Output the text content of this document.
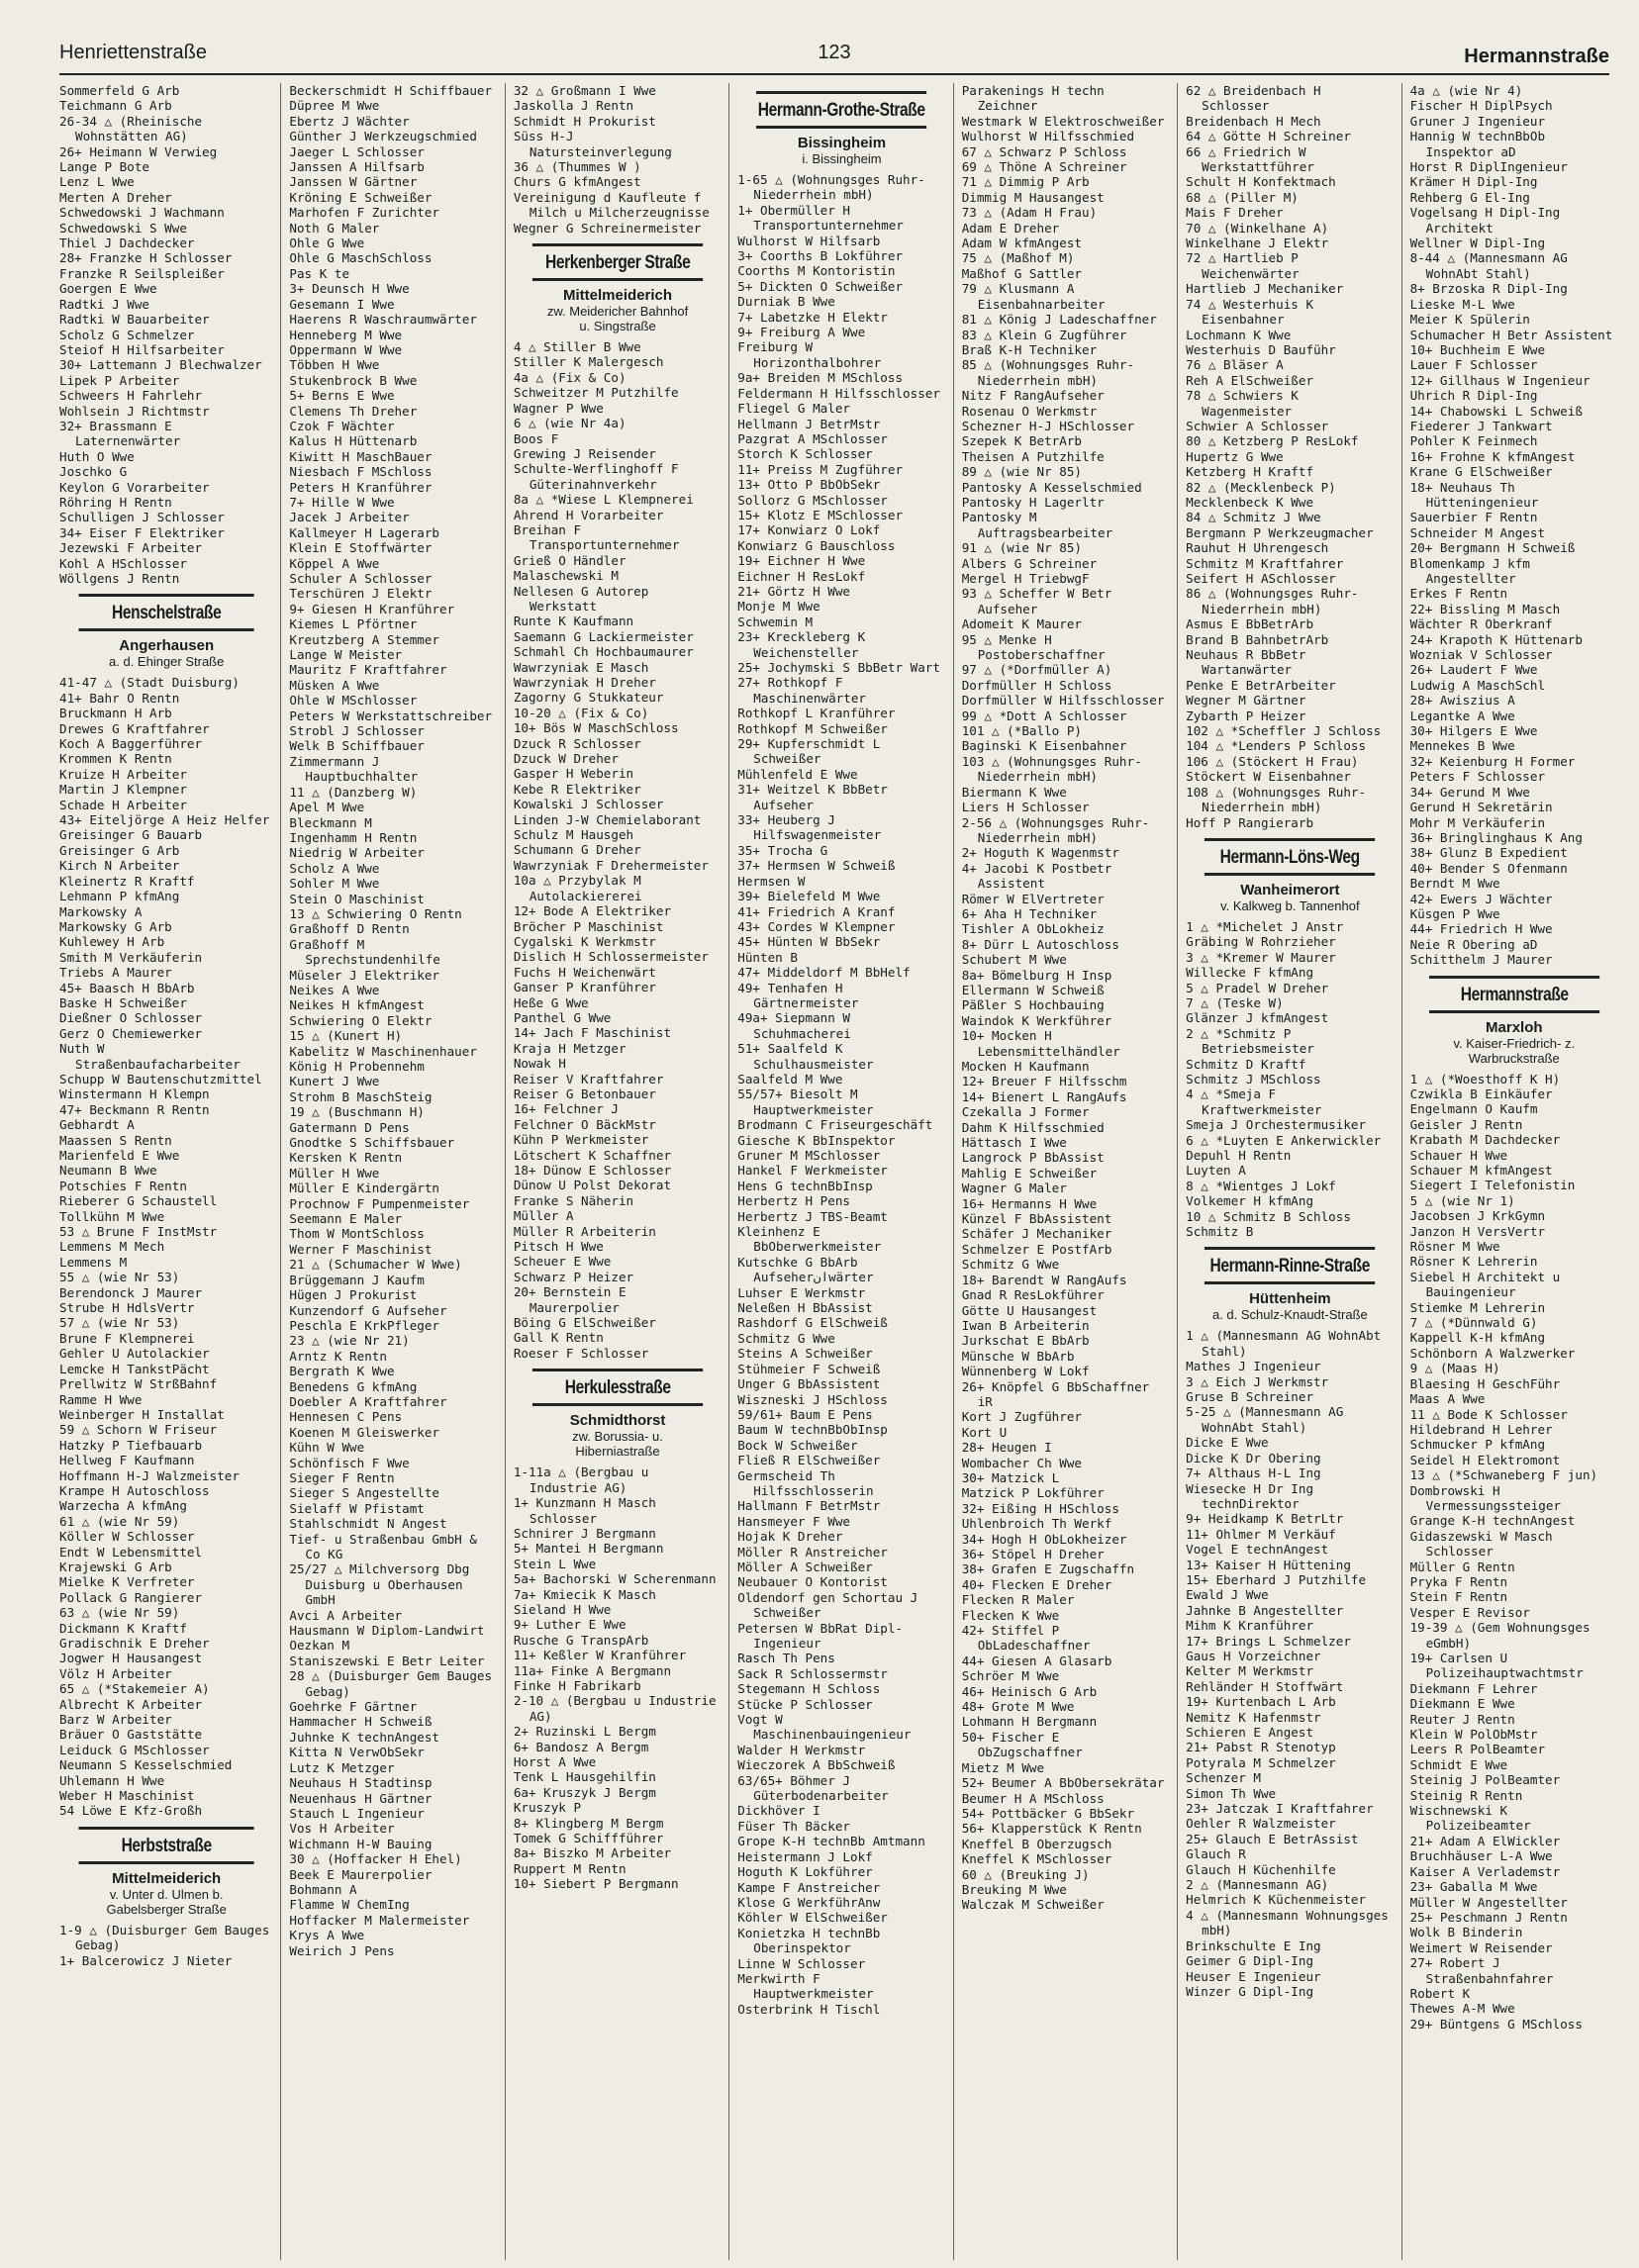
Henriettenstraße	123	Hermannstraße
Sommerfeld G Arb
Teichmann G Arb
26-34 △ (Rheinische Wohnstätten AG)
26+ Heimann W Verwieg
Lange P Bote
Lenz L Wwe
Merten A Dreher
Schwedowski J Wachmann
Schwedowski S Wwe
Thiel J Dachdecker
28+ Franzke H Schlosser
Franzke R Seilspleißer
Goergen E Wwe
Radtki J Wwe
Radtki W Bauarbeiter
Scholz G Schmelzer
Steiof H Hilfsarbeiter
30+ Lattemann J Blechwalzer
Lipek P Arbeiter
Schweers H Fahrlehr
Wohlsein J Richtmstr
32+ Brassmann E Laternenwärter
Huth O Wwe
Joschko G
Keylon G Vorarbeiter
Röhring H Rentn
Schulligen J Schlosser
34+ Eiser F Elektriker
Jezewski F Arbeiter
Kohl A HSchlosser
Wöllgens J Rentn
Henschelstraße
Angerhausen
a. d. Ehinger Straße
41-47 △ (Stadt Duisburg)
41+ Bahr O Rentn
Bruckmann H Arb
Drewes G Kraftfahrer
Koch A Baggerführer
Krommen K Rentn
Kruize H Arbeiter
Martin J Klempner
Schade H Arbeiter
43+ Eiteljörge A Heiz Helfer
Greisinger G Bauarb
Greisinger G Arb
Kirch N Arbeiter
Kleinertz R Kraftf
Lehmann P kfmAng
Markowsky A
Markowsky G Arb
Kuhlewey H Arb
Smith M Verkäuferin
Triebs A Maurer
45+ Baasch H BbArb
Baske H Schweißer
Dießner O Schlosser
Gerz O Chemiewerker
Nuth W Straßenbaufacharbeiter
Schupp W Bautenschutzmittel
Winstermann H Klempn
47+ Beckmann R Rentn
Gebhardt A
Maassen S Rentn
Marienfeld E Wwe
Neumann B Wwe
Potschies F Rentn
Rieberer G Schaustell
Tollkühn M Wwe
53 △ Brune F InstMstr
Lemmens M Mech
Lemmens M
55 △ (wie Nr 53)
Berendonck J Maurer
Strube H HdlsVertr
57 △ (wie Nr 53)
Brune F Klempnerei
Gehler U Autolackier
Lemcke H TankstPächt
Prellwitz W StrßBahnf
Ramme H Wwe
Weinberger H Installat
59 △ Schorn W Friseur
Hatzky P Tiefbauarb
Hellweg F Kaufmann
Hoffmann H-J Walzmeister
Krampe H Autoschloss
Warzecha A kfmAng
61 △ (wie Nr 59)
Köller W Schlosser
Endt W Lebensmittel
Krajewski G Arb
Mielke K Verfreter
Pollack G Rangierer
63 △ (wie Nr 59)
Dickmann K Kraftf
Gradischnik E Dreher
Jogwer H Hausangest
Völz H Arbeiter
65 △ (*Stakemeier A)
Albrecht K Arbeiter
Barz W Arbeiter
Bräuer O Gaststätte
Leiduck G MSchlosser
Neumann S Kesselschmied
Uhlemann H Wwe
Weber H Maschinist
54 Löwe E Kfz-Großh
Herbststraße
Mittelmeiderich
v. Unter d. Ulmen b.
Gabelsberger Straße
1-9 △ (Duisburger Gem Bauges Gebag)
1+ Balcerowicz J Nieter
Beckerschmidt H Schiffbauer
Düpree M Wwe
Ebertz J Wächter
Günther J Werkzeugschmied
Jaeger L Schlosser
Janssen A Hilfsarb
Janssen W Gärtner
Kröning E Schweißer
Marhofen F Zurichter
Noth G Maler
Ohle G Wwe
Ohle G MaschSchloss
Pas K te
3+ Deunsch H Wwe
Gesemann I Wwe
Haerens R Waschraumwärter
Henneberg M Wwe
Oppermann W Wwe
Többen H Wwe
Stukenbrock B Wwe
5+ Berns E Wwe
Clemens Th Dreher
Czok F Wächter
Kalus H Hüttenarb
Kiwitt H MaschBauer
Niesbach F MSchloss
Peters H Kranführer
7+ Hille W Wwe
Jacek J Arbeiter
Kallmeyer H Lagerarb
Klein E Stoffwärter
Köppel A Wwe
Schuler A Schlosser
Terschüren J Elektr
9+ Giesen H Kranführer
Kiemes L Pförtner
Kreutzberg A Stemmer
Lange W Meister
Mauritz F Kraftfahrer
Müsken A Wwe
Ohle W MSchlosser
Peters W Werkstattschreiber
Strobl J Schlosser
Welk B Schiffbauer
Zimmermann J Hauptbuchhalter
11 △ (Danzberg W)
Apel M Wwe
Bleckmann M
Ingenhamm H Rentn
Niedrig W Arbeiter
Scholz A Wwe
Sohler M Wwe
Stein O Maschinist
13 △ Schwiering O Rentn
Graßhoff D Rentn
Graßhoff M Sprechstundenhilfe
Müseler J Elektriker
Neikes A Wwe
Neikes H kfmAngest
Schwiering O Elektr
15 △ (Kunert H)
Kabelitz W Maschinenhauer
König H Probennehm
Kunert J Wwe
Strohm B MaschSteig
19 △ (Buschmann H)
Gatermann D Pens
Gnodtke S Schiffsbauer
Kersken K Rentn
Müller H Wwe
Müller E Kindergärtn
Prochnow F Pumpenmeister
Seemann E Maler
Thom W MontSchloss
Werner F Maschinist
21 △ (Schumacher W Wwe)
Brüggemann J Kaufm
Hügen J Prokurist
Kunzendorf G Aufseher
Peschla E KrkPfleger
23 △ (wie Nr 21)
Arntz K Rentn
Bergrath K Wwe
Benedens G kfmAng
Doebler A Kraftfahrer
Hennesen C Pens
Koenen M Gleiswerker
Kühn W Wwe
Schönfisch F Wwe
Sieger F Rentn
Sieger S Angestellte
Sielaff W Pfistamt
Stahlschmidt N Angest
Tief- u Straßenbau GmbH & Co KG
25/27 △ Milchversorg Dbg Duisburg u Oberhausen GmbH
Avci A Arbeiter
Hausmann W Diplom-Landwirt
Oezkan M
Staniszewski E Betr Leiter
28 △ (Duisburger Gem Bauges Gebag)
Goehrke F Gärtner
Hammacher H Schweiß
Juhnke K technAngest
Kitta N VerwObSekr
Lutz K Metzger
Neuhaus H Stadtinsp
Neuenhaus H Gärtner
Stauch L Ingenieur
Vos H Arbeiter
Wichmann H-W Bauing
30 △ (Hoffacker H Ehel)
Beek E Maurerpolier
Bohmann A
Flamme W ChemIng
Hoffacker M Malermeister
Krys A Wwe
Weirich J Pens
32 △ Großmann I Wwe
Jaskolla J Rentn
Schmidt H Prokurist
Süss H-J Natursteinverlegung
36 △ (Thummes W )
Churs G kfmAngest
Vereinigung d Kaufleute f Milch u Milcherzeugnisse
Wegner G Schreinermeister
Herkenberger Straße
Mittelmeiderich
zw. Meidericher Bahnhof
u. Singstraße
4 △ Stiller B Wwe
Stiller K Malergesch
4a △ (Fix & Co)
Schweitzer M Putzhilfe
Wagner P Wwe
6 △ (wie Nr 4a)
Boos F
Grewing J Reisender
Schulte-Werflinghoff F Güterinahnverkehr
8a △ *Wiese L Klempnerei
Ahrend H Vorarbeiter
Breihan F Transportunternehmer
Grieß O Händler
Malaschewski M
Nellesen G Autorep Werkstatt
Runte K Kaufmann
Saemann G Lackiermeister
Schmahl Ch Hochbaumaurer
Wawrzyniak E Masch
Wawrzyniak H Dreher
Zagorny G Stukkateur
10-20 △ (Fix & Co)
10+ Bös W MaschSchloss
Dzuck R Schlosser
Dzuck W Dreher
Gasper H Weberin
Kebe R Elektriker
Kowalski J Schlosser
Linden J-W Chemielaborant
Schulz M Hausgeh
Schumann G Dreher
Wawrzyniak F Drehermeister
10a △ Przybylak M Autolackiererei
12+ Bode A Elektriker
Bröcher P Maschinist
Cygalski K Werkmstr
Dislich H Schlossermeister
Fuchs H Weichenwärt
Ganser P Kranführer
Heße G Wwe
Panthel G Wwe
14+ Jach F Maschinist
Kraja H Metzger
Nowak H
Reiser V Kraftfahrer
Reiser G Betonbauer
16+ Felchner J
Felchner O BäckMstr
Kühn P Werkmeister
Lötschert K Schaffner
18+ Dünow E Schlosser
Dünow U Polst Dekorat
Franke S Näherin
Müller A
Müller R Arbeiterin
Pitsch H Wwe
Scheuer E Wwe
Schwarz P Heizer
20+ Bernstein E Maurerpolier
Böing G ElSchweißer
Gall K Rentn
Roeser F Schlosser
Herkulesstraße
Schmidthorst
zw. Borussia- u.
Hiberniastraße
1-11a △ (Bergbau u Industrie AG)
1+ Kunzmann H Masch Schlosser
Schnirer J Bergmann
5+ Mantei H Bergmann
Stein L Wwe
5a+ Bachorski W Scherenmann
7a+ Kmiecik K Masch
Sieland H Wwe
9+ Luther E Wwe
Rusche G TranspArb
11+ Keßler W Kranführer
11a+ Finke A Bergmann
Finke H Fabrikarb
2-10 △ (Bergbau u Industrie AG)
2+ Ruzinski L Bergm
6+ Bandosz A Bergm
Horst A Wwe
Tenk L Hausgehilfin
6a+ Kruszyk J Bergm
Kruszyk P
8+ Klingberg M Bergm
Tomek G Schiffführer
8a+ Biszko M Arbeiter
Ruppert M Rentn
10+ Siebert P Bergmann
Hermann-Grothe-Straße
Bissingheim
i. Bissingheim
1-65 △ (Wohnungsges Ruhr-Niederrhein mbH)
1+ Obermüller H Transportunternehmer
Wulhorst W Hilfsarb
3+ Coorths B Lokführer
Coorths M Kontoristin
5+ Dickten O Schweißer
Durniak B Wwe
7+ Labetzke H Elektr
9+ Freiburg A Wwe
Freiburg W Horizonthalbohrer
9a+ Breiden M MSchloss
Feldermann H Hilfsschlosser
Fliegel G Maler
Hellmann J BetrMstr
Pazgrat A MSchlosser
Storch K Schlosser
11+ Preiss M Zugführer
13+ Otto P BbObSekr
Sollorz G MSchlosser
15+ Klotz E MSchlosser
17+ Konwiarz O Lokf
Konwiarz G Bauschloss
19+ Eichner H Wwe
Eichner H ResLokf
21+ Görtz H Wwe
Monje M Wwe
Schwemin M
23+ Kreckleberg K Weichensteller
25+ Jochymski S BbBetr Wart
27+ Rothkopf F Maschinenwärter
Rothkopf L Kranführer
Rothkopf M Schweißer
29+ Kupferschmidt L Schweißer
Mühlenfeld E Wwe
31+ Weitzel K BbBetr Aufseher
33+ Heuberg J Hilfswagenmeister
35+ Trocha G
37+ Hermsen W Schweiß
Hermsen W
39+ Bielefeld M Wwe
41+ Friedrich A Kranf
43+ Cordes W Klempner
45+ Hünten W BbSekr
Hünten B
47+ Middeldorf M BbHelf
49+ Tenhafen H Gärtnermeister
49a+ Siepmann W Schuhmacherei
51+ Saalfeld K Schulhausmeister
Saalfeld M Wwe
55/57+ Biesolt M Hauptwerkmeister
Brodmann C Friseurgeschäft
Giesche K BbInspektor
Gruner M MSchlosser
Hankel F Werkmeister
Hens G technBbInsp
Herbertz H Pens
Herbertz J TBS-Beamt
Kleinhenz E BbOberwerkmeister
Kutschke G BbArb Aufseherانwärter
Luhser E Werkmstr
Neleßen H BbAssist
Rashdorf G ElSchweiß
Schmitz G Wwe
Steins A Schweißer
Stühmeier F Schweiß
Unger G BbAssistent
Wiszneski J HSchloss
59/61+ Baum E Pens
Baum W technBbObInsp
Bock W Schweißer
Fließ R ElSchweißer
Germscheid Th Hilfsschlosserin
Hallmann F BetrMstr
Hansmeyer F Wwe
Hojak K Dreher
Möller R Anstreicher
Möller A Schweißer
Neubauer O Kontorist
Oldendorf gen Schortau J Schweißer
Petersen W BbRat Dipl-Ingenieur
Rasch Th Pens
Sack R Schlossermstr
Stegemann H Schloss
Stücke P Schlosser
Vogt W Maschinenbauingenieur
Walder H Werkmstr
Wieczorek A BbSchweiß
63/65+ Böhmer J Güterbodenarbeiter
Dickhöver I
Füser Th Bäcker
Grope K-H technBb Amtmann
Heistermann J Lokf
Hoguth K Lokführer
Kampe F Anstreicher
Klose G WerkführAnw
Köhler W ElSchweißer
Konietzka H technBb Oberinspektor
Linne W Schlosser
Merkwirth F Hauptwerkmeister
Osterbrink H Tischl
Parakenings H techn Zeichner
Westmark W Elektroschweißer
Wulhorst W Hilfsschmied
67 △ Schwarz P Schloss
69 △ Thöne A Schreiner
71 △ Dimmig P Arb
Dimmig M Hausangest
73 △ (Adam H Frau)
Adam E Dreher
Adam W kfmAngest
75 △ (Maßhof M)
Maßhof G Sattler
79 △ Klusmann A Eisenbahnarbeiter
81 △ König J Ladeschaffner
83 △ Klein G Zugführer
Braß K-H Techniker
85 △ (Wohnungsges Ruhr-Niederrhein mbH)
Nitz F RangAufseher
Rosenau O Werkmstr
Schezner H-J HSchlosser
Szepek K BetrArb
Theisen A Putzhilfe
89 △ (wie Nr 85)
Pantosky A Kesselschmied
Pantosky H Lagerltr
Pantosky M Auftragsbearbeiter
91 △ (wie Nr 85)
Albers G Schreiner
Mergel H TriebwgF
93 △ Scheffer W Betr Aufseher
Adomeit K Maurer
95 △ Menke H Postoberschaffner
97 △ (*Dorfmüller A)
Dorfmüller H Schloss
Dorfmüller W Hilfsschlosser
99 △ *Dott A Schlosser
101 △ (*Ballo P)
Baginski K Eisenbahner
103 △ (Wohnungsges Ruhr-Niederrhein mbH)
Biermann K Wwe
Liers H Schlosser
2-56 △ (Wohnungsges Ruhr-Niederrhein mbH)
2+ Hoguth K Wagenmstr
4+ Jacobi K Postbetr Assistent
Römer W ElVertreter
6+ Aha H Techniker
Tishler A ObLokheiz
8+ Dürr L Autoschloss
Schubert M Wwe
8a+ Bömelburg H Insp
Ellermann W Schweiß
Päßler S Hochbauing
Waindok K Werkführer
10+ Mocken H Lebensmittelhändler
Mocken H Kaufmann
12+ Breuer F Hilfsschm
14+ Bienert L RangAufs
Czekalla J Former
Dahm K Hilfsschmied
Hättasch I Wwe
Langrock P BbAssist
Mahlig E Schweißer
Wagner G Maler
16+ Hermanns H Wwe
Künzel F BbAssistent
Schäfer J Mechaniker
Schmelzer E PostfArb
Schmitz G Wwe
18+ Barendt W RangAufs
Gnad R ResLokführer
Götte U Hausangest
Iwan B Arbeiterin
Jurkschat E BbArb
Münsche W BbArb
Wünnenberg W Lokf
26+ Knöpfel G BbSchaffner iR
Kort J Zugführer
Kort U
28+ Heugen I
Wombacher Ch Wwe
30+ Matzick L
Matzick P Lokführer
32+ Eißing H HSchloss
Uhlenbroich Th Werkf
34+ Hogh H ObLokheizer
36+ Stöpel H Dreher
38+ Grafen E Zugschaffn
40+ Flecken E Dreher
Flecken R Maler
Flecken K Wwe
42+ Stiffel P ObLadeschaffner
44+ Giesen A Glasarb
Schröer M Wwe
46+ Heinisch G Arb
48+ Grote M Wwe
Lohmann H Bergmann
50+ Fischer E ObZugschaffner
Mietz M Wwe
52+ Beumer A BbObersekrätar
Beumer H A MSchloss
54+ Pottbäcker G BbSekr
56+ Klapperstück K Rentn
Kneffel B Oberzugsch
Kneffel K MSchlosser
60 △ (Breuking J)
Breuking M Wwe
Walczak M Schweißer
62 △ Breidenbach H Schlosser
Breidenbach H Mech
64 △ Götte H Schreiner
66 △ Friedrich W Werkstattführer
Schult H Konfektmach
68 △ (Piller M)
Mais F Dreher
70 △ (Winkelhane A)
Winkelhane J Elektr
72 △ Hartlieb P Weichenwärter
Hartlieb J Mechaniker
74 △ Westerhuis K Eisenbahner
Lochmann K Wwe
Westerhuis D Bauführ
76 △ Bläser A
Reh A ElSchweißer
78 △ Schwiers K Wagenmeister
Schwier A Schlosser
80 △ Ketzberg P ResLokf
Hupertz G Wwe
Ketzberg H Kraftf
82 △ (Mecklenbeck P)
Mecklenbeck K Wwe
84 △ Schmitz J Wwe
Bergmann P Werkzeugmacher
Rauhut H Uhrengesch
Schmitz M Kraftfahrer
Seifert H ASchlosser
86 △ (Wohnungsges Ruhr-Niederrhein mbH)
Asmus E BbBetrArb
Brand B BahnbetrArb
Neuhaus R BbBetr Wartanwärter
Penke E BetrArbeiter
Wegner M Gärtner
Zybarth P Heizer
102 △ *Scheffler J Schloss
104 △ *Lenders P Schloss
106 △ (Stöckert H Frau)
Stöckert W Eisenbahner
108 △ (Wohnungsges Ruhr-Niederrhein mbH)
Hoff P Rangierarb
Hermann-Löns-Weg
Wanheimerort
v. Kalkweg b. Tannenhof
1 △ *Michelet J Anstr
Gräbing W Rohrzieher
3 △ *Kremer W Maurer
Willecke F kfmAng
5 △ Pradel W Dreher
7 △ (Teske W)
Glänzer J kfmAngest
2 △ *Schmitz P Betriebsmeister
Schmitz D Kraftf
Schmitz J MSchloss
4 △ *Smeja F Kraftwerkmeister
Smeja J Orchestermusiker
6 △ *Luyten E Ankerwickler
Depuhl H Rentn
Luyten A
8 △ *Wientges J Lokf
Volkemer H kfmAng
10 △ Schmitz B Schloss
Schmitz B
Hermann-Rinne-Straße
Hüttenheim
a. d. Schulz-Knaudt-Straße
1 △ (Mannesmann AG WohnAbt Stahl)
Mathes J Ingenieur
3 △ Eich J Werkmstr
Gruse B Schreiner
5-25 △ (Mannesmann AG WohnAbt Stahl)
Dicke E Wwe
Dicke K Dr Obering
7+ Althaus H-L Ing
Wiesecke H Dr Ing technDirektor
9+ Heidkamp K BetrLtr
11+ Ohlmer M Verkäuf
Vogel E technAngest
13+ Kaiser H Hüttening
15+ Eberhard J Putzhilfe
Ewald J Wwe
Jahnke B Angestellter
Mihm K Kranführer
17+ Brings L Schmelzer
Gaus H Vorzeichner
Kelter M Werkmstr
Rehländer H Stoffwärt
19+ Kurtenbach L Arb
Nemitz K Hafenmstr
Schieren E Angest
21+ Pabst R Stenotyp
Potyrala M Schmelzer
Schenzer M
Simon Th Wwe
23+ Jatczak I Kraftfahrer
Oehler R Walzmeister
25+ Glauch E BetrAssist
Glauch R
Glauch H Küchenhilfe
2 △ (Mannesmann AG)
Helmrich K Küchenmeister
4 △ (Mannesmann Wohnungsges mbH)
Brinkschulte E Ing
Geimer G Dipl-Ing
Heuser E Ingenieur
Winzer G Dipl-Ing
4a △ (wie Nr 4)
Fischer H DiplPsych
Gruner J Ingenieur
Hannig W technBbOb Inspektor aD
Horst R DiplIngenieur
Krämer H Dipl-Ing
Rehberg G El-Ing
Vogelsang H Dipl-Ing Architekt
Wellner W Dipl-Ing
8-44 △ (Mannesmann AG WohnAbt Stahl)
8+ Brzoska R Dipl-Ing
Lieske M-L Wwe
Meier K Spülerin
Schumacher H Betr Assistent
10+ Buchheim E Wwe
Lauer F Schlosser
12+ Gillhaus W Ingenieur
Uhrich R Dipl-Ing
14+ Chabowski L Schweiß
Fiederer J Tankwart
Pohler K Feinmech
16+ Frohne K kfmAngest
Krane G ElSchweißer
18+ Neuhaus Th Hütteningenieur
Sauerbier F Rentn
Schneider M Angest
20+ Bergmann H Schweiß
Blomenkamp J kfm Angestellter
Erkes F Rentn
22+ Bissling M Masch
Wächter R Oberkranf
24+ Krapoth K Hüttenarb
Wozniak V Schlosser
26+ Laudert F Wwe
Ludwig A MaschSchl
28+ Awiszius A
Legantke A Wwe
30+ Hilgers E Wwe
Mennekes B Wwe
32+ Keienburg H Former
Peters F Schlosser
34+ Gerund M Wwe
Gerund H Sekretärin
Mohr M Verkäuferin
36+ Bringlinghaus K Ang
38+ Glunz B Expedient
40+ Bender S Ofenmann
Berndt M Wwe
42+ Ewers J Wächter
Küsgen P Wwe
44+ Friedrich H Wwe
Neie R Obering aD
Schitthelm J Maurer
Hermannstraße
Marxloh
v. Kaiser-Friedrich- z.
Warbruckstraße
1 △ (*Woesthoff K H)
Czwikla B Einkäufer
Engelmann O Kaufm
Geisler J Rentn
Krabath M Dachdecker
Schauer H Wwe
Schauer M kfmAngest
Siegert I Telefonistin
5 △ (wie Nr 1)
Jacobsen J KrkGymn
Janzon H VersVertr
Rösner M Wwe
Rösner K Lehrerin
Siebel H Architekt u Bauingenieur
Stiemke M Lehrerin
7 △ (*Dünnwald G)
Kappell K-H kfmAng
Schönborn A Walzwerker
9 △ (Maas H)
Blaesing H GeschFühr
Maas A Wwe
11 △ Bode K Schlosser
Hildebrand H Lehrer
Schmucker P kfmAng
Seidel H Elektromont
13 △ (*Schwaneberg F jun)
Dombrowski H Vermessungssteiger
Grange K-H technAngest
Gidaszewski W Masch Schlosser
Müller G Rentn
Pryka F Rentn
Stein F Rentn
Vesper E Revisor
19-39 △ (Gem Wohnungsges eGmbH)
19+ Carlsen U Polizeihauptwachtmstr
Diekmann F Lehrer
Diekmann E Wwe
Reuter J Rentn
Klein W PolObMstr
Leers R PolBeamter
Schmidt E Wwe
Steinig J PolBeamter
Steinig R Rentn
Wischnewski K Polizeibeamter
21+ Adam A ElWickler
Bruchhäuser L-A Wwe
Kaiser A Verlademstr
23+ Gaballa M Wwe
Müller W Angestellter
25+ Peschmann J Rentn
Wolk B Binderin
Weimert W Reisender
27+ Robert J Straßenbahnfahrer
Robert K
Thewes A-M Wwe
29+ Büntgens G MSchloss
